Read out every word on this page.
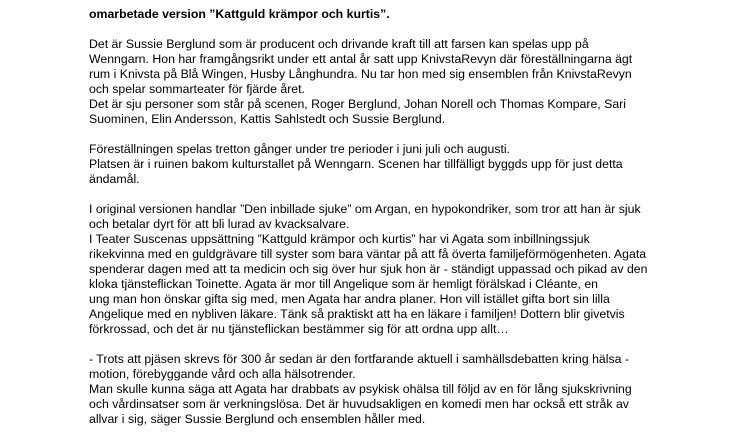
omarbetade version ”Kattguld krämpor och kurtis”.
Det är Sussie Berglund som är producent och drivande kraft till att farsen kan spelas upp på
Wenngarn. Hon har framgångsrikt under ett antal år satt upp KnivstaRevyn där föreställningarna ägt
rum i Knivsta på Blå Wingen, Husby Långhundra. Nu tar hon med sig ensemblen från KnivstaRevyn
och spelar sommarteater för fjärde året.
Det är sju personer som står på scenen, Roger Berglund, Johan Norell och Thomas Kompare, Sari
Suominen, Elin Andersson, Kattis Sahlstedt och Sussie Berglund.
Föreställningen spelas tretton gånger under tre perioder i juni juli och augusti.
Platsen är i ruinen bakom kulturstallet på Wenngarn. Scenen har tillfälligt byggds upp för just detta
ändamål.
I original versionen handlar ”Den inbillade sjuke” om Argan, en hypokondriker, som tror att han är sjuk
och betalar dyrt för att bli lurad av kvacksalvare.
I Teater Suscenas uppsättning ”Kattguld krämpor och kurtis” har vi Agata som inbillningssjuk
rikekvinna med en guldgrävare till syster som bara väntar på att få överta familjeförmögenheten. Agata
spenderar dagen med att ta medicin och sig över hur sjuk hon är - ständigt uppassad och pikad av den
kloka tjänsteflickan Toinette. Agata är mor till Angelique som är hemligt förälskad i Cléante, en
ung man hon önskar gifta sig med, men Agata har andra planer. Hon vill istället gifta bort sin lilla
Angelique med en nybliven läkare. Tänk så praktiskt att ha en läkare i familjen! Dottern blir givetvis
förkrossad, och det är nu tjänsteflickan bestämmer sig för att ordna upp allt…
- Trots att pjäsen skrevs för 300 år sedan är den fortfarande aktuell i samhällsdebatten kring hälsa -
motion, förebyggande vård och alla hälsotrender.
Man skulle kunna säga att Agata har drabbats av psykisk ohälsa till följd av en för lång sjukskrivning
och vårdinsatser som är verkningslösa. Det är huvudsakligen en komedi men har också ett stråk av
allvar i sig, säger Sussie Berglund och ensemblen håller med.
